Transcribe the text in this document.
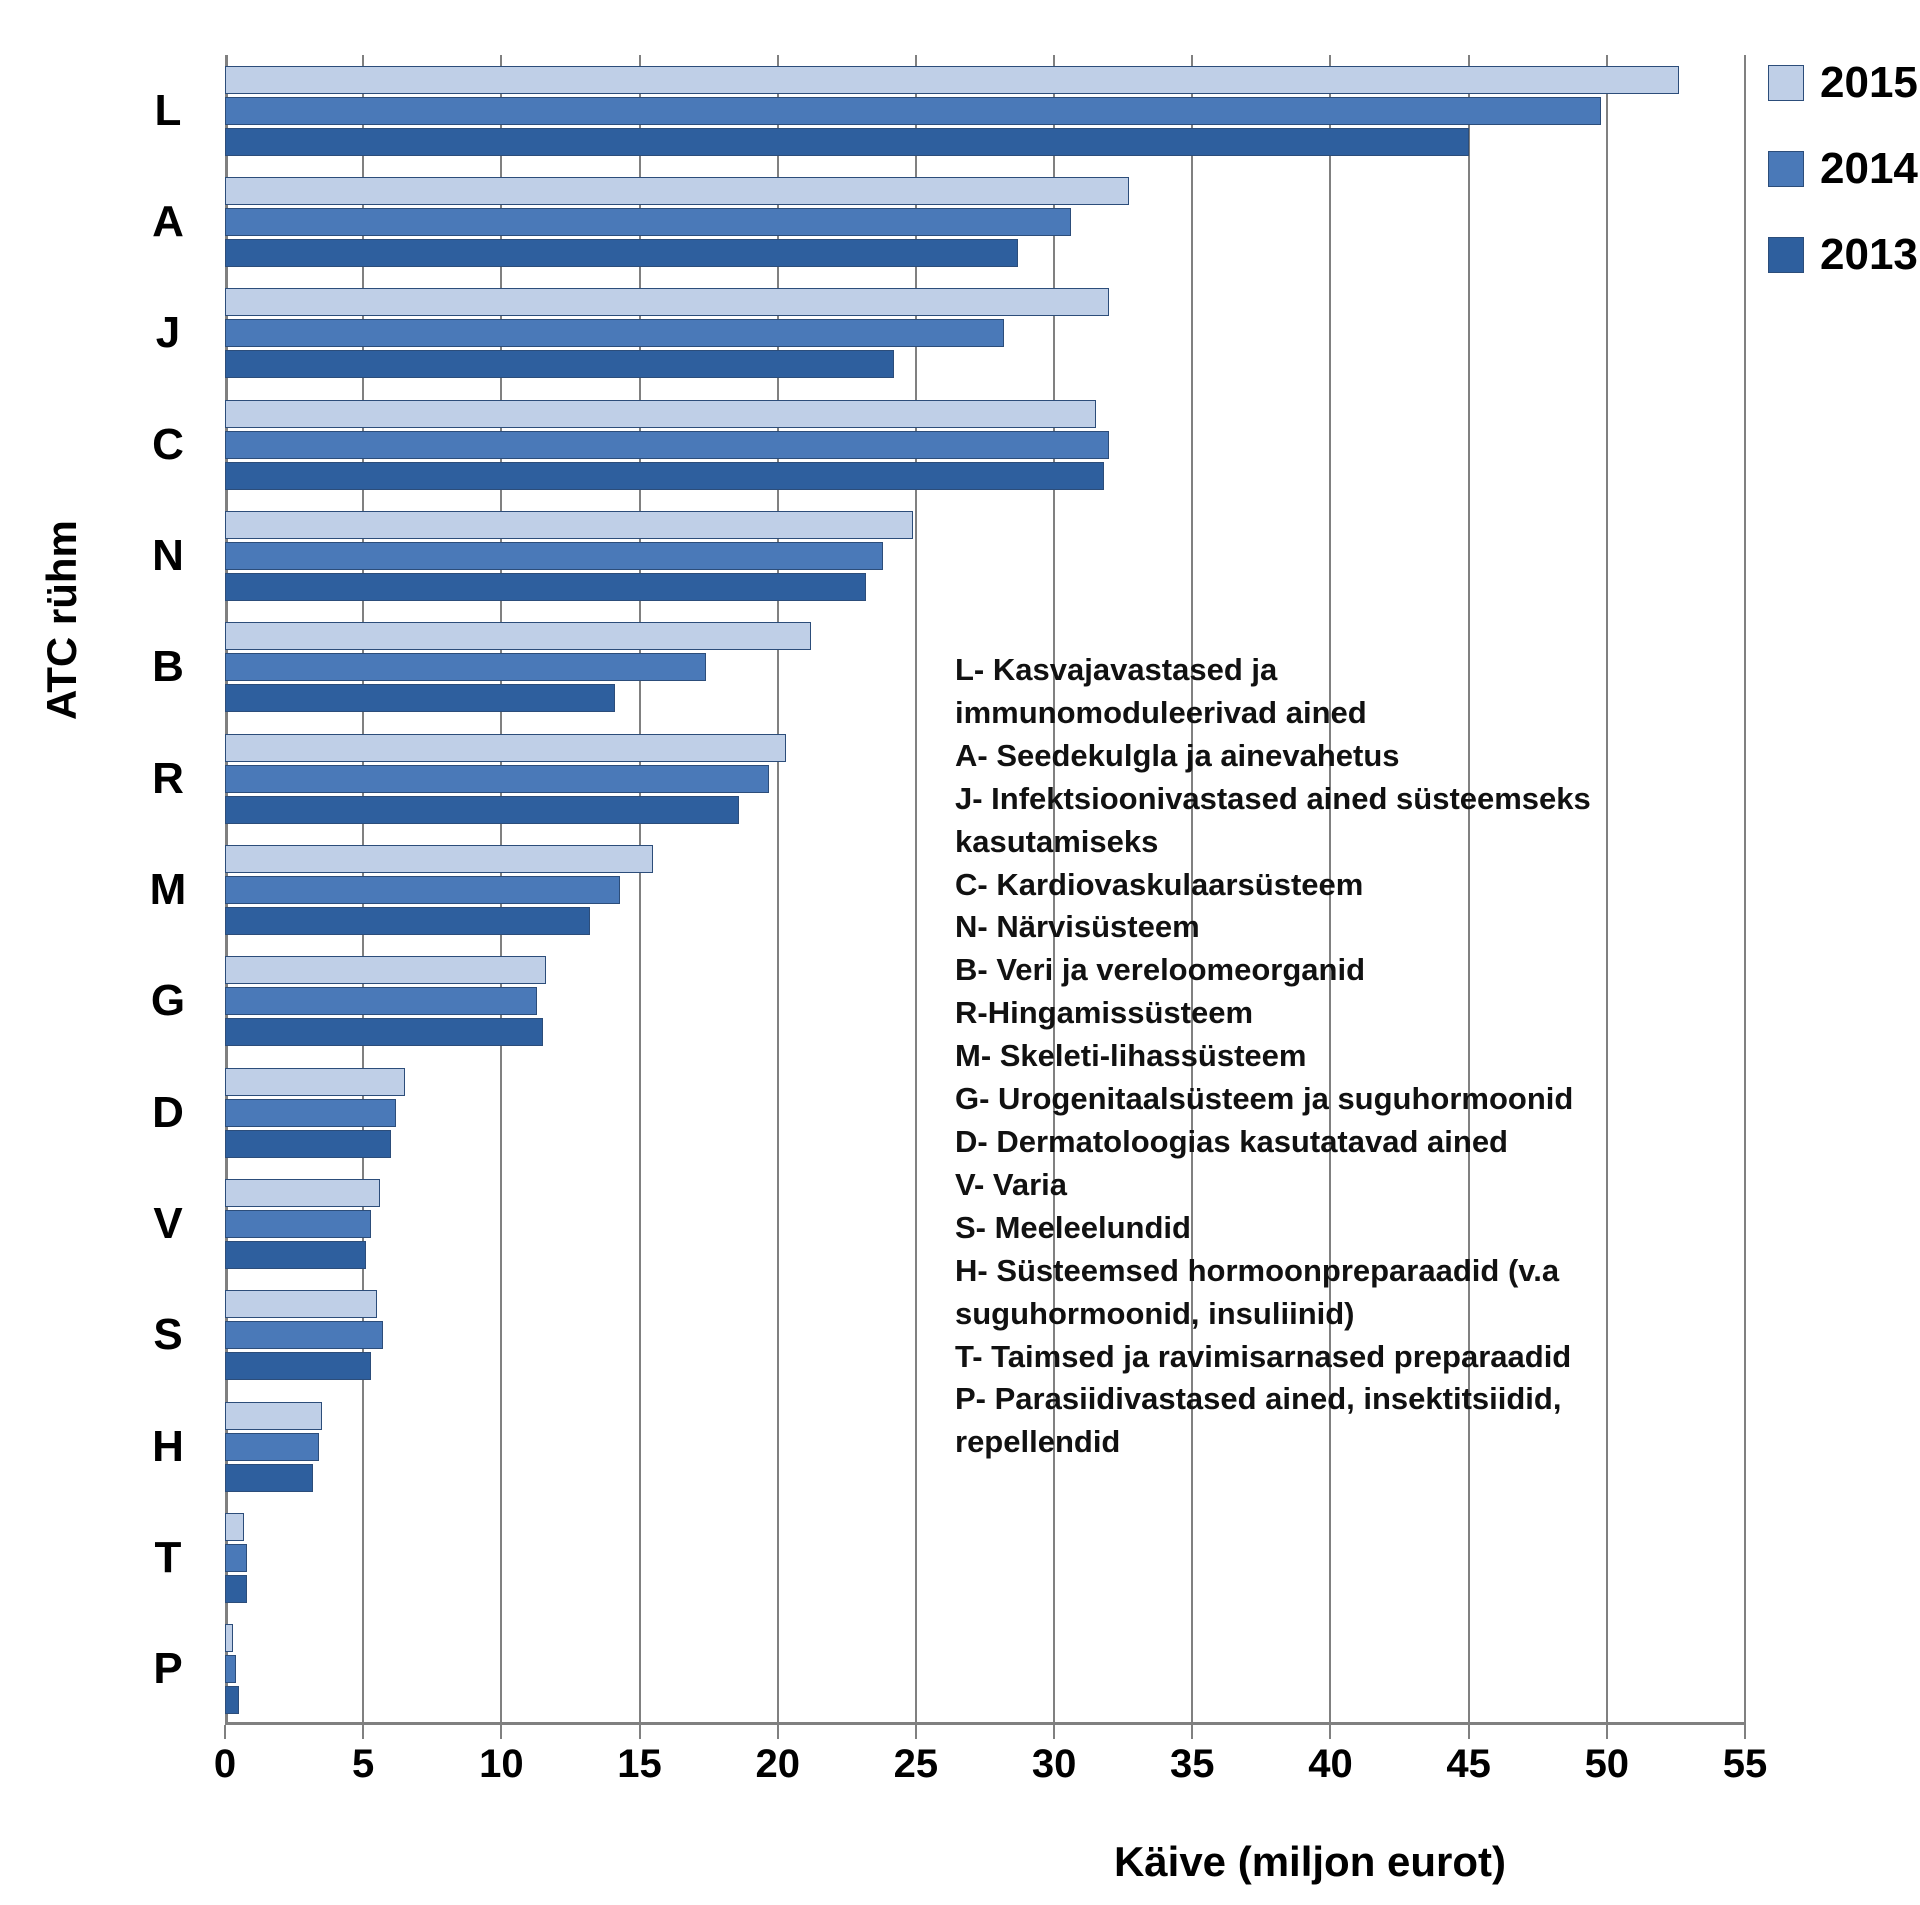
0	5	10 15 20 25 30 35 40 45 50 55
L
A
J
C
N
B
R
M
G
D
V
S
H
T
P
ATC rühm
Käive (miljon eurot)
2015
2014
2013
L- Kasvajavastased ja
immunomoduleerivad ained
A- Seedekulgla ja ainevahetus
J- Infektsioonivastased ained süsteemseks
kasutamiseks
C- Kardiovaskulaarsüsteem
N- Närvisüsteem
B- Veri ja vereloomeorganid
R-Hingamissüsteem
M- Skeleti-lihassüsteem
G- Urogenitaalsüsteem ja suguhormoonid
D- Dermatoloogias kasutatavad ained
V- Varia
S- Meeleelundid
H- Süsteemsed hormoonpreparaadid (v.a
suguhormoonid, insuliinid)
T- Taimsed ja ravimisarnased preparaadid
P- Parasiidivastased ained, insektitsiidid,
repellendid
